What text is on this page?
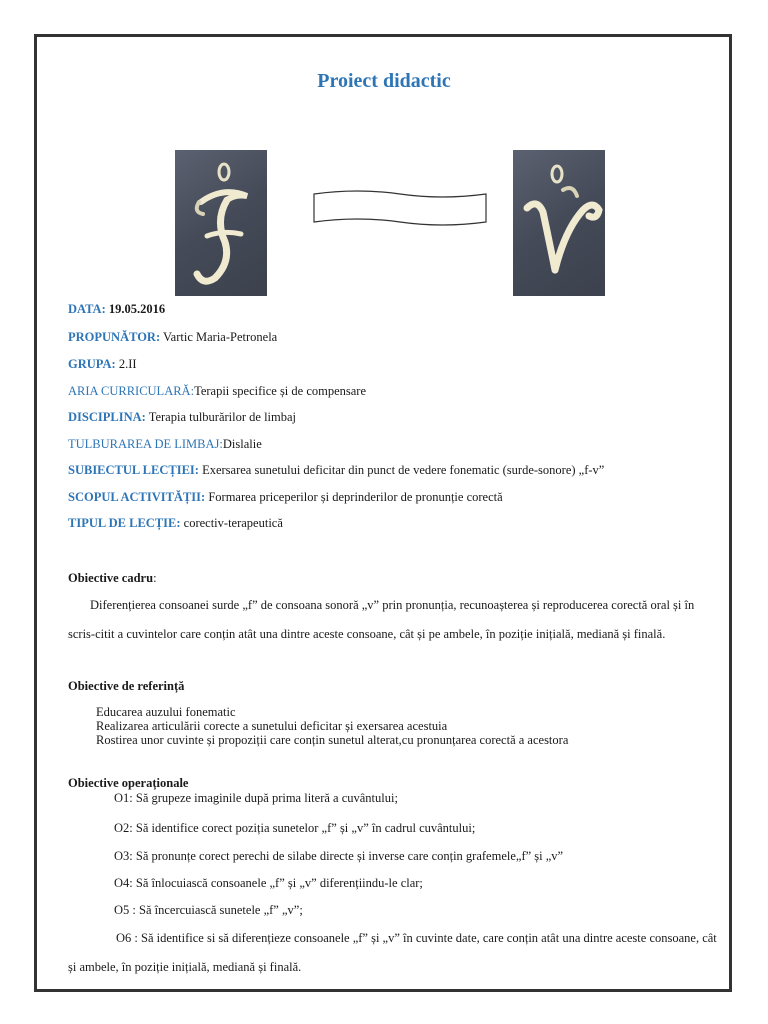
Proiect didactic
DATA: 19.05.2016
PROPUNĂTOR: Vartic Maria-Petronela
GRUPA: 2.II
ARIA CURRICULARĂ:Terapii specifice și de compensare
DISCIPLINA: Terapia tulburărilor de limbaj
TULBURAREA DE LIMBAJ:Dislalie
SUBIECTUL LECȚIEI: Exersarea sunetului deficitar din punct de vedere fonematic (surde-sonore) „f-v”
SCOPUL ACTIVITĂȚII: Formarea priceperilor și deprinderilor de pronunție corectă
TIPUL DE LECȚIE: corectiv-terapeutică
Obiective cadru:
Diferențierea consoanei surde „f” de consoana sonoră „v” prin pronunția, recunoașterea și reproducerea corectă oral și în scris-citit a cuvintelor care conțin atât una dintre aceste consoane, cât și pe ambele, în poziție inițială, mediană și finală.
Obiective de referință
Educarea auzului fonematic
Realizarea articulării corecte a sunetului deficitar și exersarea acestuia
Rostirea unor cuvinte și propoziții care conțin sunetul alterat,cu pronunțarea corectă a acestora
Obiective operaționale
O1: Să grupeze imaginile după prima literă a cuvântului;
O2: Să identifice corect poziția sunetelor „f” și „v” în cadrul cuvântului;
O3: Să pronunțe corect perechi de silabe directe și inverse care conțin grafemele„f” și „v”
O4: Să înlocuiască consoanele „f” și „v” diferențiindu-le clar;
O5 : Să încercuiască sunetele „f” „v”;
O6 : Să identifice si să diferențieze consoanele „f” și „v” în cuvinte date, care conțin atât una dintre aceste consoane, cât și ambele, în poziție inițială, mediană și finală.
